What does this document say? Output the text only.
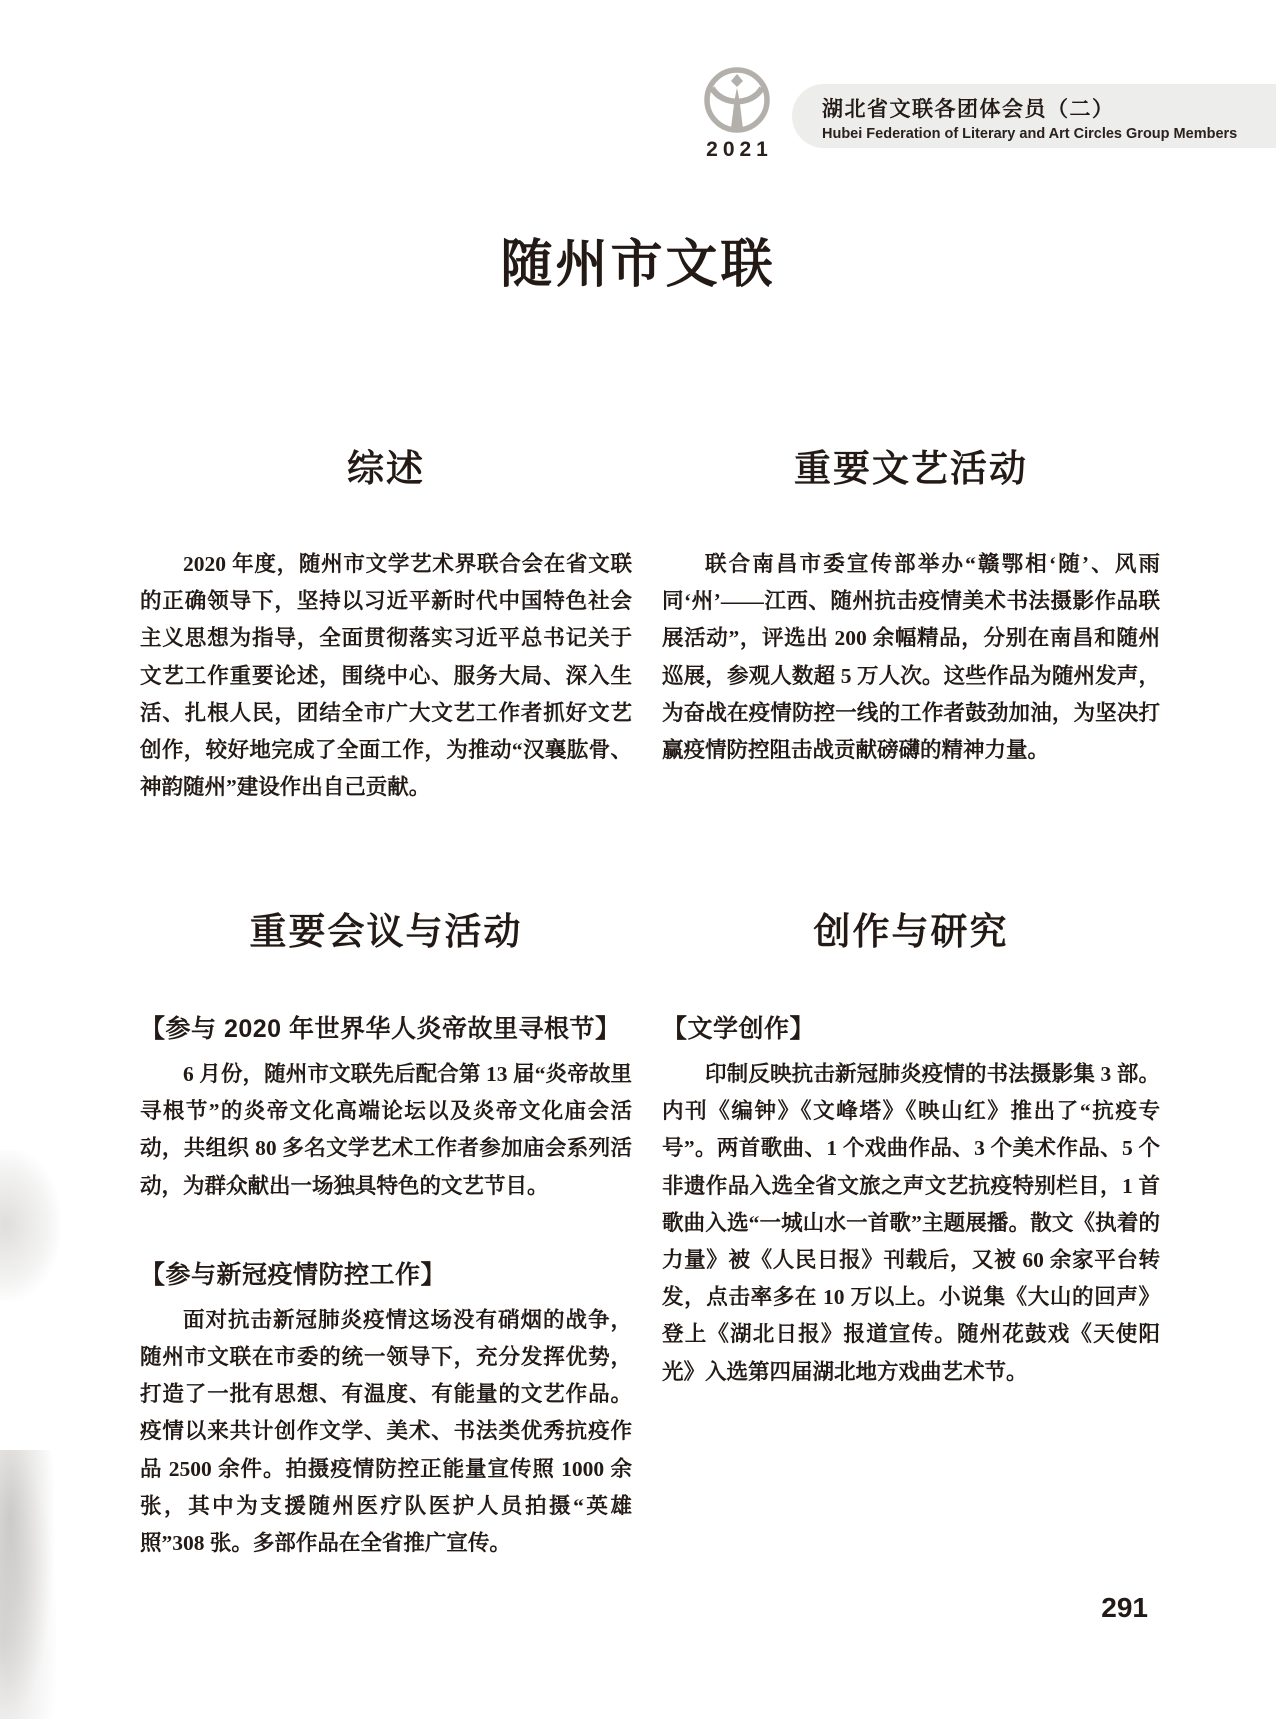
2021
湖北省文联各团体会员（二）
Hubei Federation of Literary and Art Circles Group Members
随州市文联
综述

2020 年度，随州市文学艺术界联合会在省文联的正确领导下，坚持以习近平新时代中国特色社会主义思想为指导，全面贯彻落实习近平总书记关于文艺工作重要论述，围绕中心、服务大局、深入生活、扎根人民，团结全市广大文艺工作者抓好文艺创作，较好地完成了全面工作，为推动“汉襄肱骨、神韵随州”建设作出自己贡献。

重要文艺活动

联合南昌市委宣传部举办“赣鄂相‘随’、风雨同‘州’——江西、随州抗击疫情美术书法摄影作品联展活动”，评选出 200 余幅精品，分别在南昌和随州巡展，参观人数超 5 万人次。这些作品为随州发声，为奋战在疫情防控一线的工作者鼓劲加油，为坚决打赢疫情防控阻击战贡献磅礴的精神力量。

重要会议与活动
【参与 2020 年世界华人炎帝故里寻根节】

6 月份，随州市文联先后配合第 13 届“炎帝故里寻根节”的炎帝文化高端论坛以及炎帝文化庙会活动，共组织 80 多名文学艺术工作者参加庙会系列活动，为群众献出一场独具特色的文艺节目。

【参与新冠疫情防控工作】

面对抗击新冠肺炎疫情这场没有硝烟的战争，随州市文联在市委的统一领导下，充分发挥优势，打造了一批有思想、有温度、有能量的文艺作品。疫情以来共计创作文学、美术、书法类优秀抗疫作品 2500 余件。拍摄疫情防控正能量宣传照 1000 余张，其中为支援随州医疗队医护人员拍摄“英雄照”308 张。多部作品在全省推广宣传。

创作与研究
【文学创作】

印制反映抗击新冠肺炎疫情的书法摄影集 3 部。内刊《编钟》《文峰塔》《映山红》推出了“抗疫专号”。两首歌曲、1 个戏曲作品、3 个美术作品、5 个非遗作品入选全省文旅之声文艺抗疫特别栏目，1 首歌曲入选“一城山水一首歌”主题展播。散文《执着的力量》被《人民日报》刊载后，又被 60 余家平台转发，点击率多在 10 万以上。小说集《大山的回声》登上《湖北日报》报道宣传。随州花鼓戏《天使阳光》入选第四届湖北地方戏曲艺术节。

291
